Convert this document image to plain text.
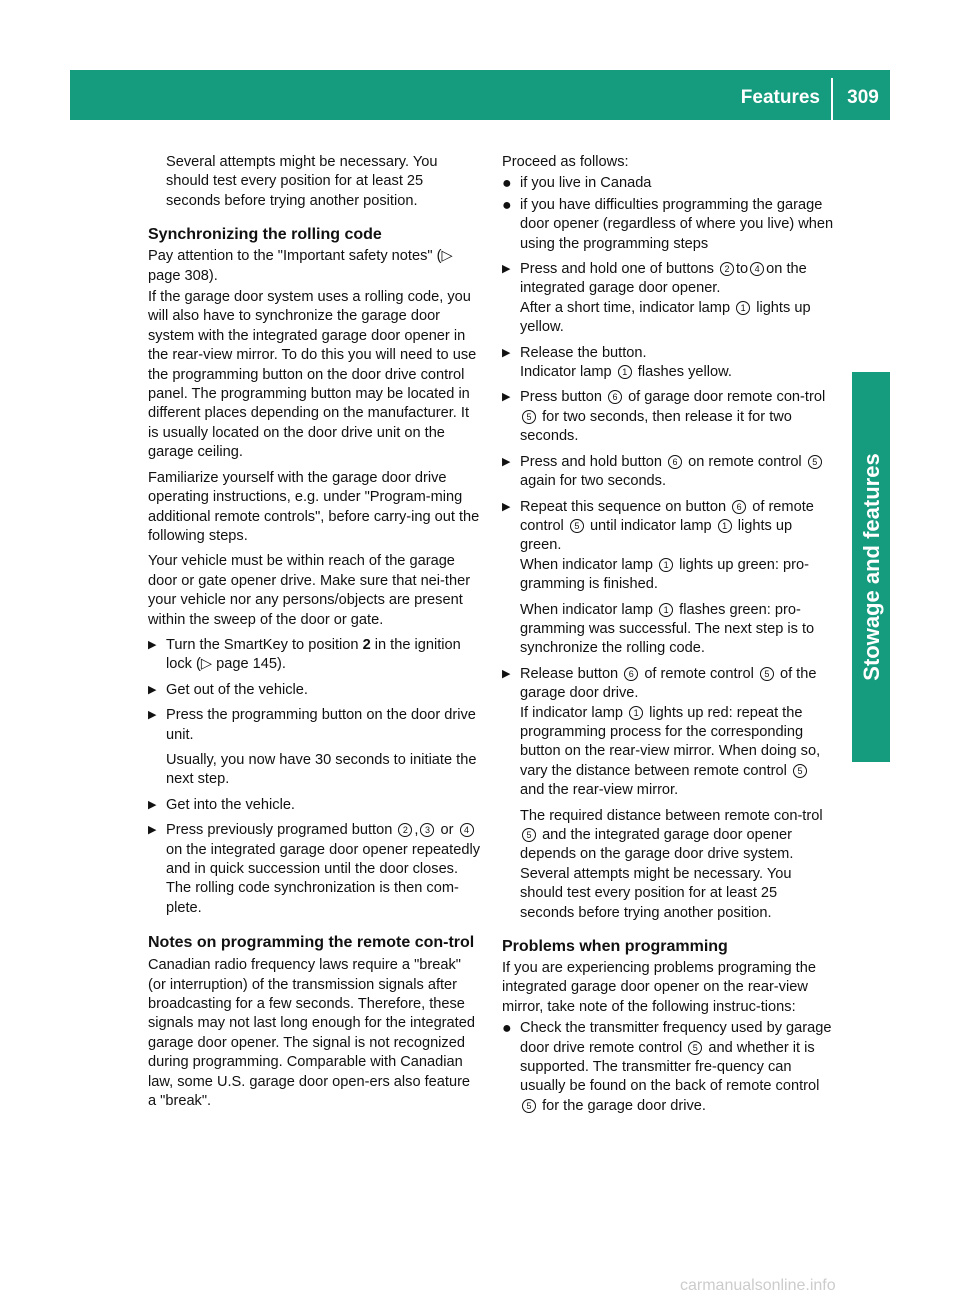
Features	309
Stowage and features

Several attempts might be necessary. You should test every position for at least 25 seconds before trying another position.

Synchronizing the rolling code

Pay attention to the "Important safety notes" (▷ page 308).

If the garage door system uses a rolling code, you will also have to synchronize the garage door system with the integrated garage door opener in the rear-view mirror. To do this you will need to use the programming button on the door drive control panel. The programming button may be located in different places depending on the manufacturer. It is usually located on the door drive unit on the garage ceiling.

Familiarize yourself with the garage door drive operating instructions, e.g. under "Program-ming additional remote controls", before carry-ing out the following steps.

Your vehicle must be within reach of the garage door or gate opener drive. Make sure that nei-ther your vehicle nor any persons/objects are present within the sweep of the door or gate.

▶ Turn the SmartKey to position 2 in the ignition lock (▷ page 145).
▶ Get out of the vehicle.
▶ Press the programming button on the door drive unit.
Usually, you now have 30 seconds to initiate the next step.
▶ Get into the vehicle.
▶ Press previously programed button 2 , 3 or 4 on the integrated garage door opener repeatedly and in quick succession until the door closes.
The rolling code synchronization is then com-plete.
Notes on programming the remote con-trol

Canadian radio frequency laws require a "break" (or interruption) of the transmission signals after broadcasting for a few seconds. Therefore, these signals may not last long enough for the integrated garage door opener. The signal is not recognized during programming. Comparable with Canadian law, some U.S. garage door open-ers also feature a "break".

Proceed as follows:

● if you live in Canada
● if you have difficulties programming the garage door opener (regardless of where you live) when using the programming steps
▶ Press and hold one of buttons 2 to 4 on the integrated garage door opener.
After a short time, indicator lamp 1 lights up yellow.
▶ Release the button.
Indicator lamp 1 flashes yellow.
▶ Press button 6 of garage door remote con-trol 5 for two seconds, then release it for two seconds.
▶ Press and hold button 6 on remote control 5 again for two seconds.
▶ Repeat this sequence on button 6 of remote control 5 until indicator lamp 1 lights up green.
When indicator lamp 1 lights up green: pro-gramming is finished.
When indicator lamp 1 flashes green: pro-gramming was successful. The next step is to synchronize the rolling code.
▶ Release button 6 of remote control 5 of the garage door drive.
If indicator lamp 1 lights up red: repeat the programming process for the corresponding button on the rear-view mirror. When doing so, vary the distance between remote control 5 and the rear-view mirror.
The required distance between remote con-trol 5 and the integrated garage door opener depends on the garage door drive system. Several attempts might be necessary. You should test every position for at least 25 seconds before trying another position.
Problems when programming

If you are experiencing problems programing the integrated garage door opener on the rear-view mirror, take note of the following instruc-tions:

● Check the transmitter frequency used by garage door drive remote control 5 and whether it is supported. The transmitter fre-quency can usually be found on the back of remote control 5 for the garage door drive.
carmanualsonline.info
